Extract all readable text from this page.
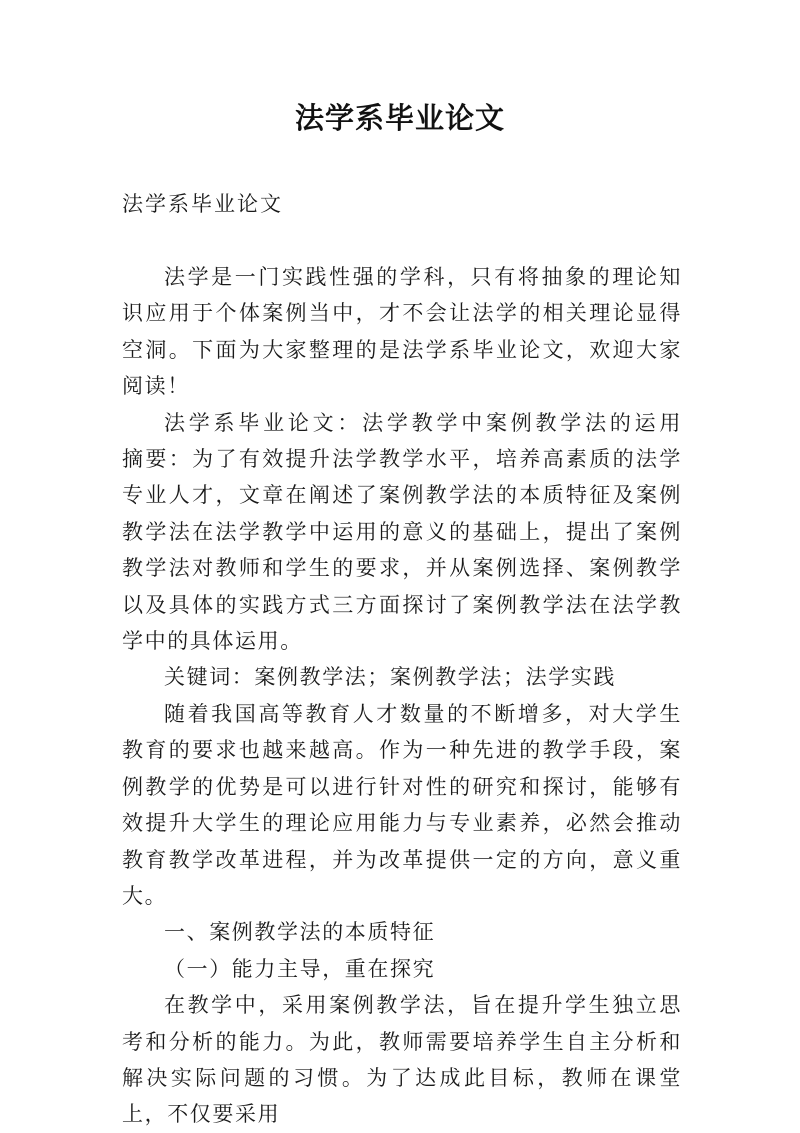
法学系毕业论文
法学系毕业论文

法学是一门实践性强的学科，只有将抽象的理论知识应用于个体案例当中，才不会让法学的相关理论显得空洞。下面为大家整理的是法学系毕业论文，欢迎大家阅读！

法学系毕业论文：法学教学中案例教学法的运用　　摘要：为了有效提升法学教学水平，培养高素质的法学专业人才，文章在阐述了案例教学法的本质特征及案例教学法在法学教学中运用的意义的基础上，提出了案例教学法对教师和学生的要求，并从案例选择、案例教学以及具体的实践方式三方面探讨了案例教学法在法学教学中的具体运用。

关键词：案例教学法；案例教学法；法学实践

随着我国高等教育人才数量的不断增多，对大学生教育的要求也越来越高。作为一种先进的教学手段，案例教学的优势是可以进行针对性的研究和探讨，能够有效提升大学生的理论应用能力与专业素养，必然会推动教育教学改革进程，并为改革提供一定的方向，意义重大。

一、案例教学法的本质特征

（一）能力主导，重在探究

在教学中，采用案例教学法，旨在提升学生独立思考和分析的能力。为此，教师需要培养学生自主分析和解决实际问题的习惯。为了达成此目标，教师在课堂上，不仅要采用
